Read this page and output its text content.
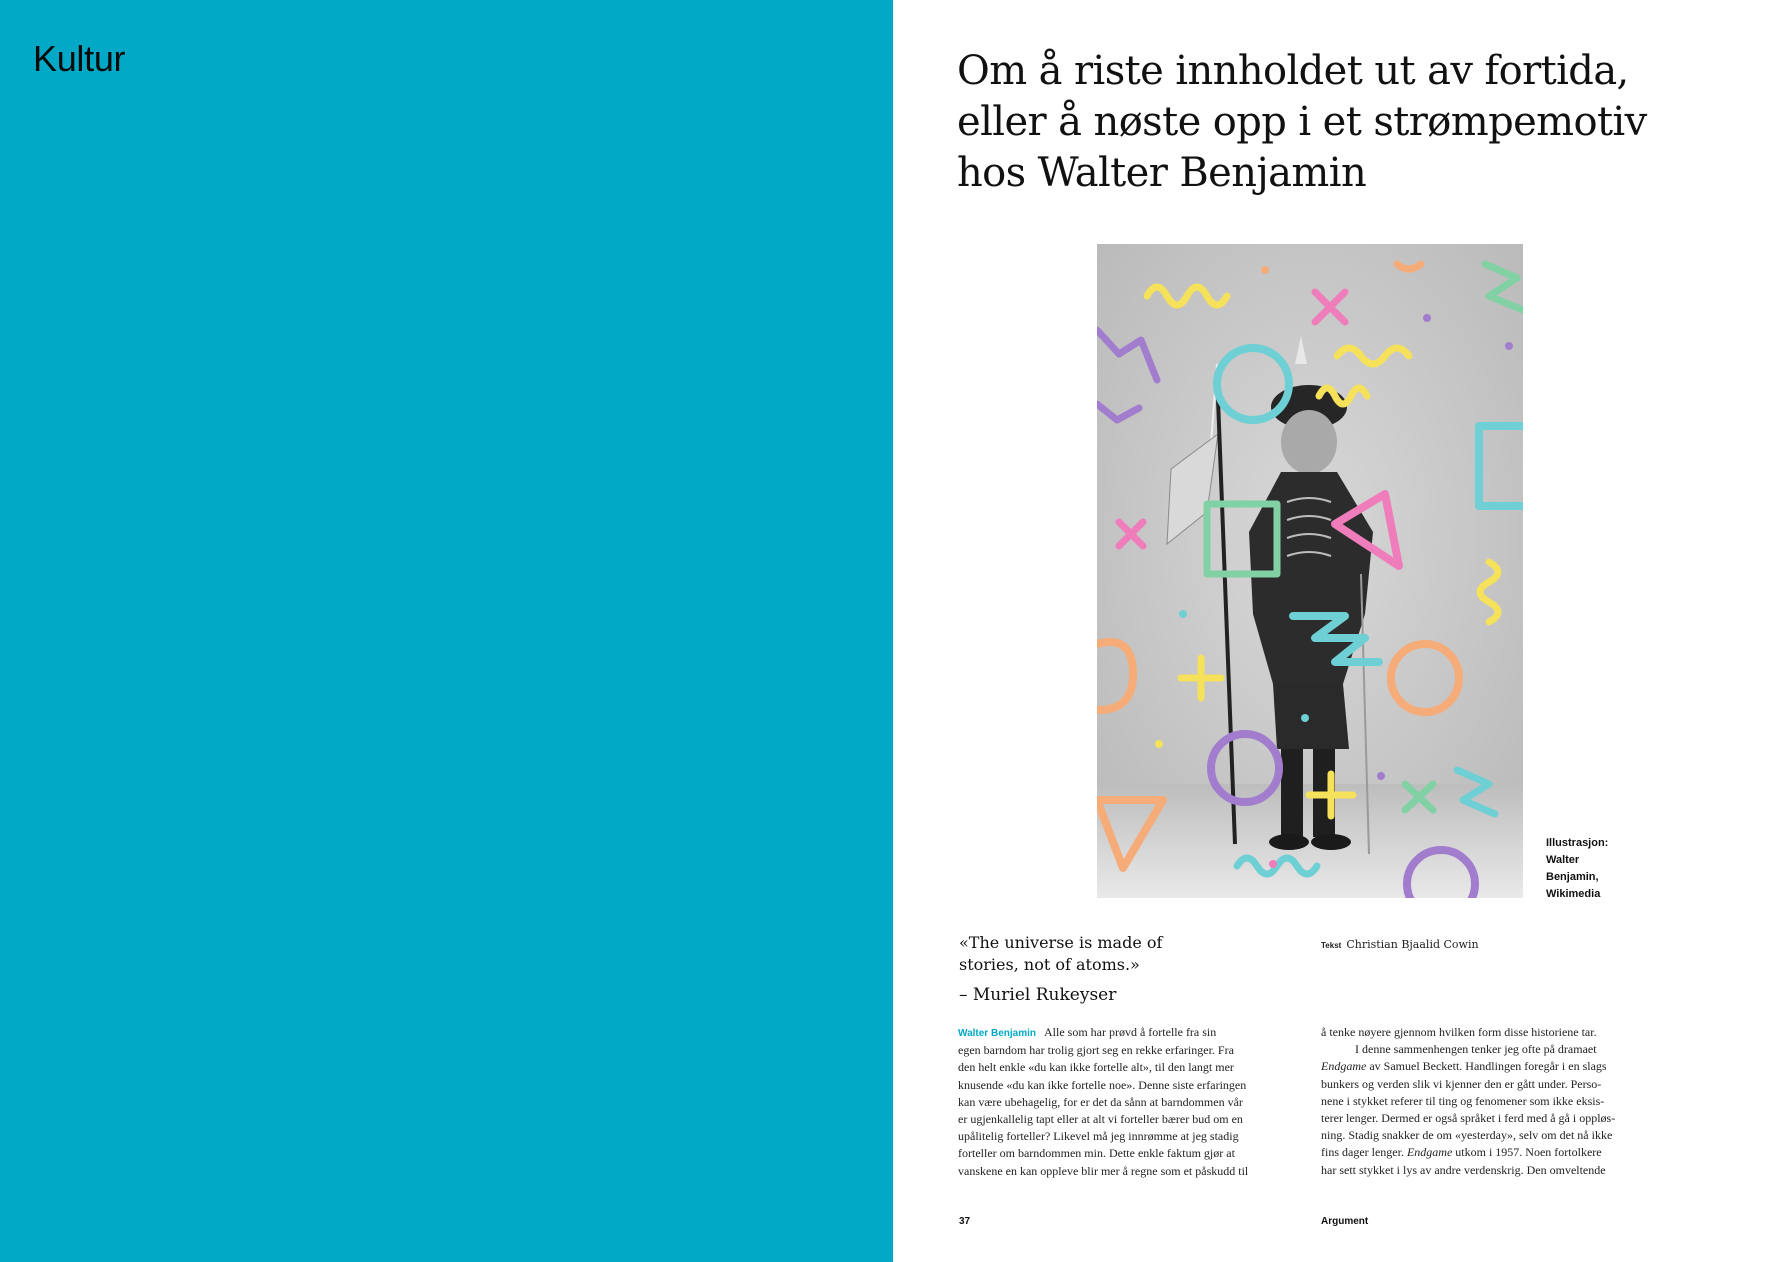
Kultur	Om å riste innholdet ut av fortida,
eller å nøste opp i et strømpemotiv
hos Walter Benjamin
Illustrasjon:
Walter
Benjamin,
Wikimedia
«The universe is made of
stories, not of atoms.»
– Muriel Rukeyser
Tekst Christian Bjaalid Cowin
Walter Benjamin Alle som har prøvd å fortelle fra sin
egen barndom har trolig gjort seg en rekke erfaringer. Fra
den helt enkle «du kan ikke fortelle alt», til den langt mer
knusende «du kan ikke fortelle noe». Denne siste erfaringen
kan være ubehagelig, for er det da sånn at barndommen vår
er ugjenkallelig tapt eller at alt vi forteller bærer bud om en
upålitelig forteller? Likevel må jeg innrømme at jeg stadig
forteller om barndommen min. Dette enkle faktum gjør at
vanskene en kan oppleve blir mer å regne som et påskudd til
å tenke nøyere gjennom hvilken form disse historiene tar.
I denne sammenhengen tenker jeg ofte på dramaet
Endgame av Samuel Beckett. Handlingen foregår i en slags
bunkers og verden slik vi kjenner den er gått under. Perso-
nene i stykket referer til ting og fenomener som ikke eksis-
terer lenger. Dermed er også språket i ferd med å gå i oppløs-
ning. Stadig snakker de om «yesterday», selv om det nå ikke
fins dager lenger. Endgame utkom i 1957. Noen fortolkere
har sett stykket i lys av andre verdenskrig. Den omveltende
37	Argument
